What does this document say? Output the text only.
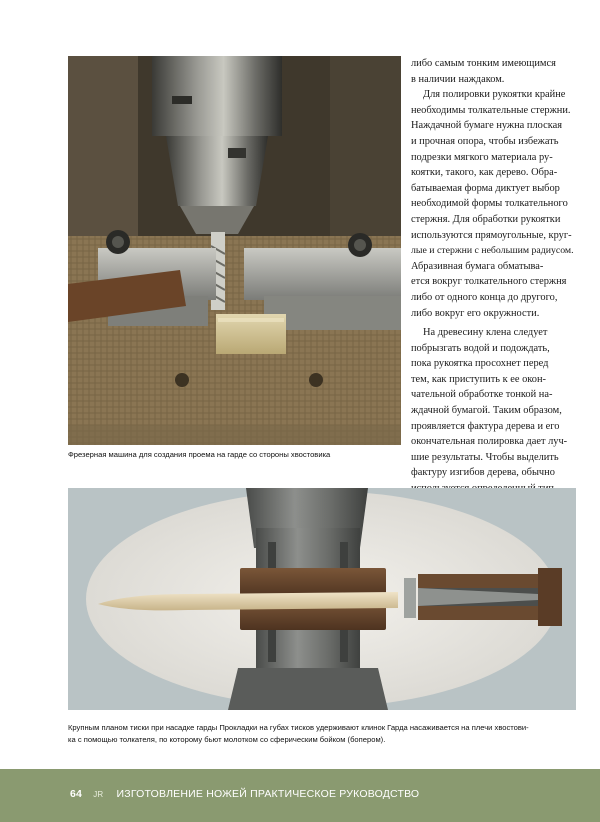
Фрезерная машина для создания проема на гарде со стороны хвостовика
либо самым тонким имеющимся
в наличии наждаком.
Для полировки рукоятки крайне
необходимы толкательные стержни.
Наждачной бумаге нужна плоская
и прочная опора, чтобы избежать
подрезки мягкого материала ру-
коятки, такого, как дерево. Обра-
батываемая форма диктует выбор
необходимой формы толкательного
стержня. Для обработки рукоятки
используются прямоугольные, круг-
лые и стержни с небольшим радиусом.
Абразивная бумага обматыва-
ется вокруг толкательного стержня
либо от одного конца до другого,
либо вокруг его окружности.
На древесину клена следует
побрызгать водой и подождать,
пока рукоятка просохнет перед
тем, как приступить к ее окон-
чательной обработке тонкой на-
ждачной бумагой. Таким образом,
проявляется фактура дерева и его
окончательная полировка дает луч-
шие результаты. Чтобы выделить
фактуру изгибов дерева, обычно
Крупным планом тиски при насадке гарды Прокладки на губах тисков удерживают клинок Гарда насаживается на плечи хвостови-
ка с помощью толкателя, по которому бьют молотком со сферическим бойком (бопером).
64 JR ИЗГОТОВЛЕНИЕ НОЖЕЙ ПРАКТИЧЕСКОЕ РУКОВОДСТВО
